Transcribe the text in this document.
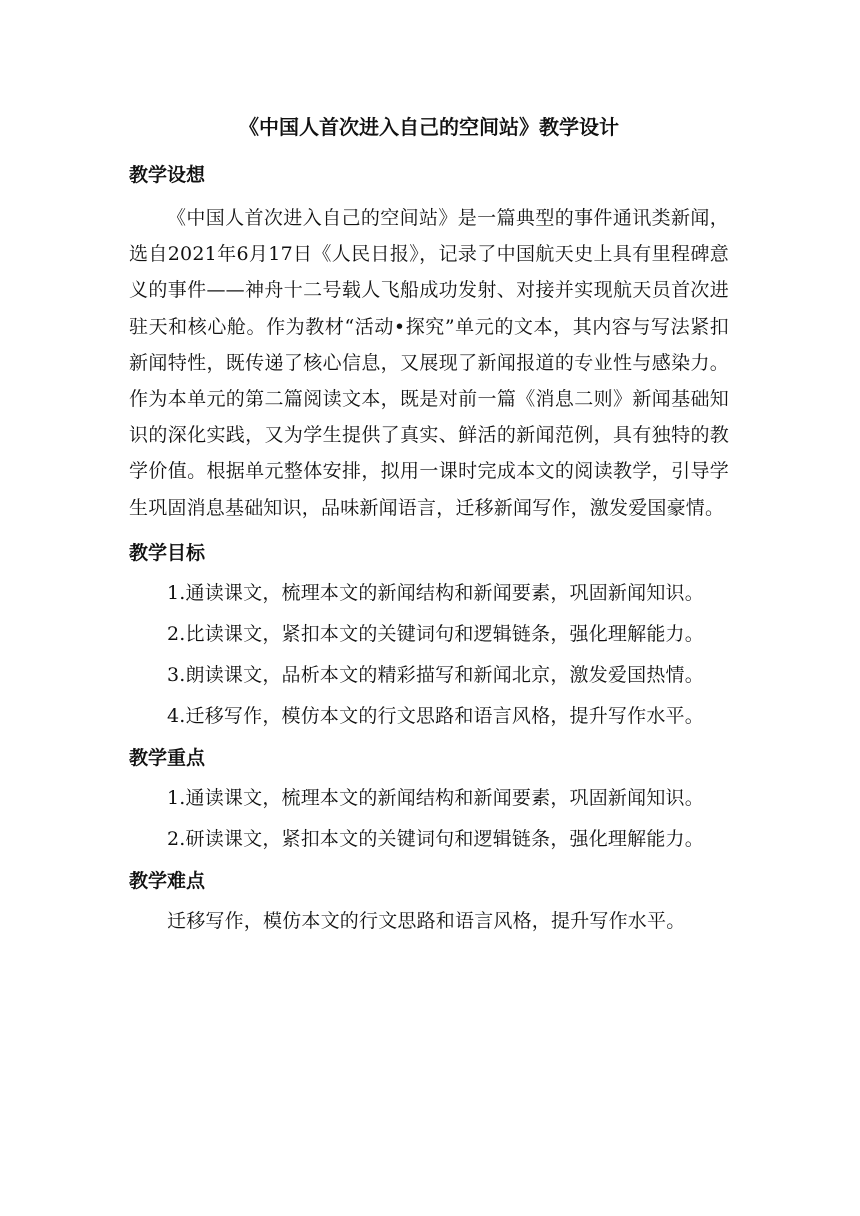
《中国人首次进入自己的空间站》教学设计
教学设想
《中国人首次进入自己的空间站》是一篇典型的事件通讯类新闻，选自2021年6月17日《人民日报》，记录了中国航天史上具有里程碑意义的事件——神舟十二号载人飞船成功发射、对接并实现航天员首次进驻天和核心舱。作为教材“活动•探究”单元的文本，其内容与写法紧扣新闻特性，既传递了核心信息，又展现了新闻报道的专业性与感染力。作为本单元的第二篇阅读文本，既是对前一篇《消息二则》新闻基础知识的深化实践，又为学生提供了真实、鲜活的新闻范例，具有独特的教学价值。根据单元整体安排，拟用一课时完成本文的阅读教学，引导学生巩固消息基础知识，品味新闻语言，迁移新闻写作，激发爱国豪情。
教学目标
1.通读课文，梳理本文的新闻结构和新闻要素，巩固新闻知识。
2.比读课文，紧扣本文的关键词句和逻辑链条，强化理解能力。
3.朗读课文，品析本文的精彩描写和新闻北京，激发爱国热情。
4.迁移写作，模仿本文的行文思路和语言风格，提升写作水平。
教学重点
1.通读课文，梳理本文的新闻结构和新闻要素，巩固新闻知识。
2.研读课文，紧扣本文的关键词句和逻辑链条，强化理解能力。
教学难点
迁移写作，模仿本文的行文思路和语言风格，提升写作水平。
